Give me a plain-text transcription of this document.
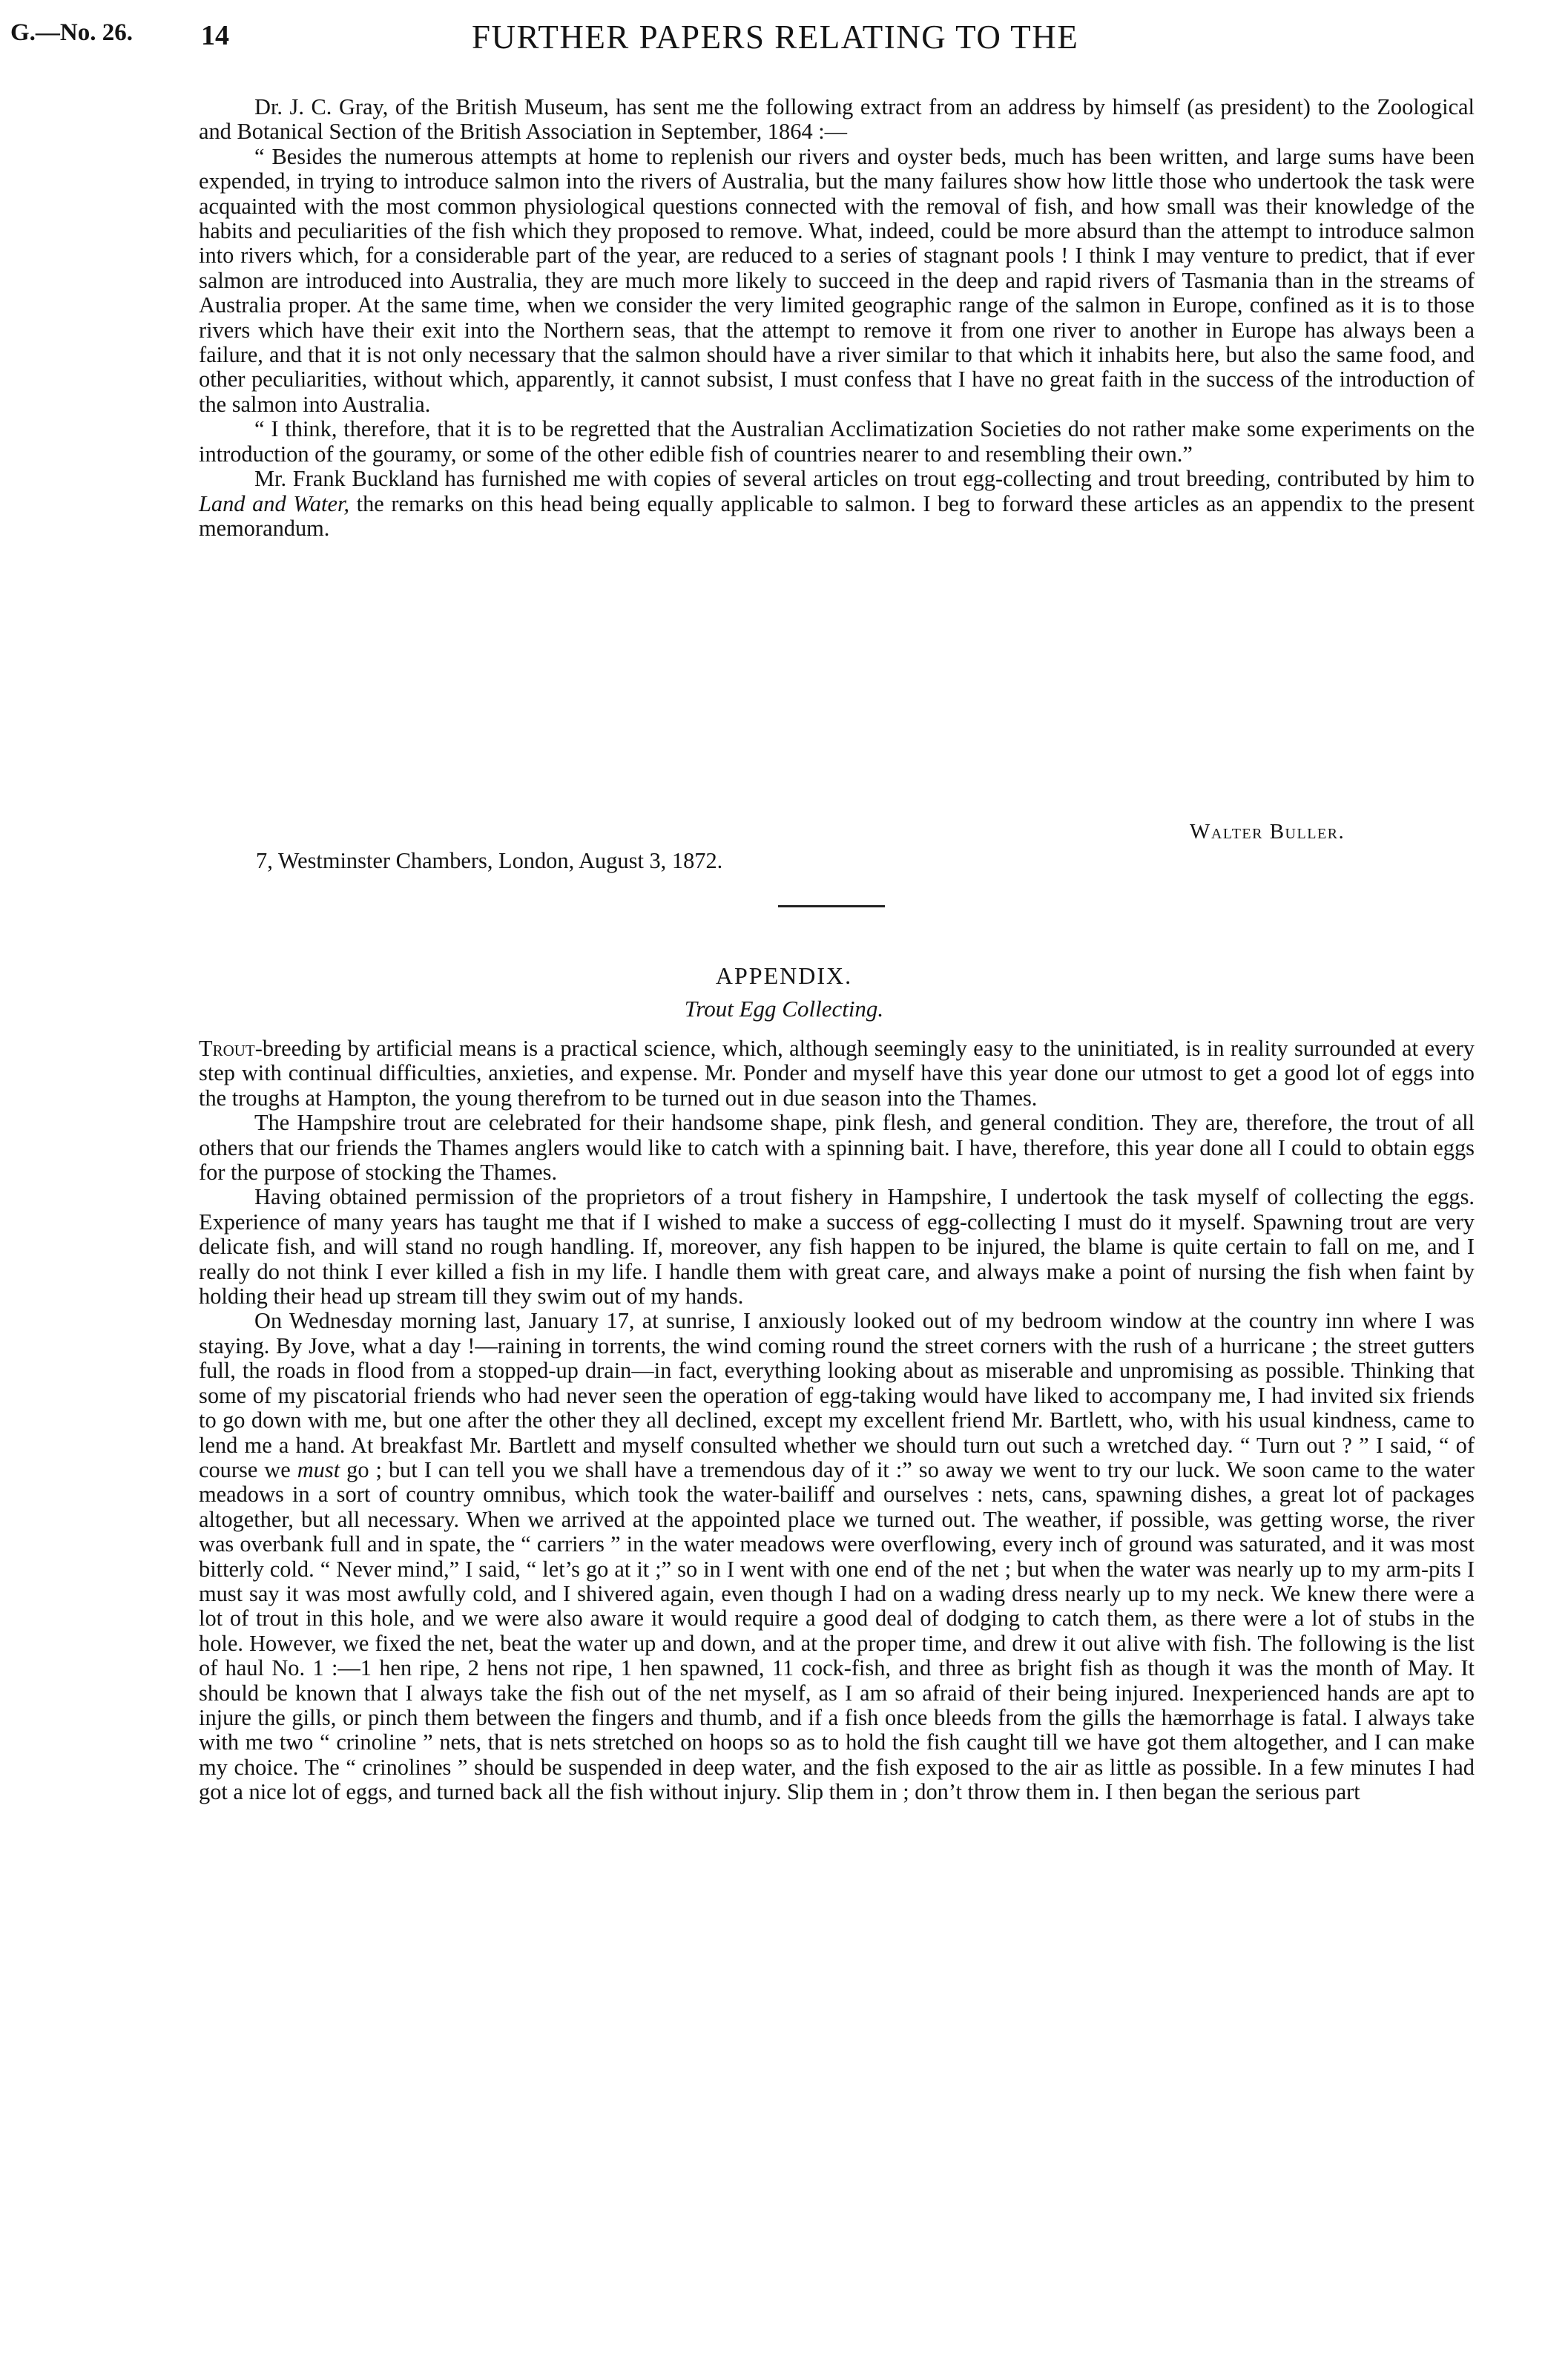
G.—No. 26. 14	FURTHER PAPERS RELATING TO THE

Dr. J. C. Gray, of the British Museum, has sent me the following extract from an address by himself (as president) to the Zoological and Botanical Section of the British Association in September, 1864 :—

“ Besides the numerous attempts at home to replenish our rivers and oyster beds, much has been written, and large sums have been expended, in trying to introduce salmon into the rivers of Australia, but the many failures show how little those who undertook the task were acquainted with the most common physiological questions connected with the removal of fish, and how small was their knowledge of the habits and peculiarities of the fish which they proposed to remove. What, indeed, could be more absurd than the attempt to introduce salmon into rivers which, for a considerable part of the year, are reduced to a series of stagnant pools ! I think I may venture to predict, that if ever salmon are introduced into Australia, they are much more likely to succeed in the deep and rapid rivers of Tasmania than in the streams of Australia proper. At the same time, when we consider the very limited geographic range of the salmon in Europe, confined as it is to those rivers which have their exit into the Northern seas, that the attempt to remove it from one river to another in Europe has always been a failure, and that it is not only necessary that the salmon should have a river similar to that which it inhabits here, but also the same food, and other peculiarities, without which, apparently, it cannot subsist, I must confess that I have no great faith in the success of the introduction of the salmon into Australia.

“ I think, therefore, that it is to be regretted that the Australian Acclimatization Societies do not rather make some experiments on the introduction of the gouramy, or some of the other edible fish of countries nearer to and resembling their own.”

Mr. Frank Buckland has furnished me with copies of several articles on trout egg-collecting and trout breeding, contributed by him to Land and Water, the remarks on this head being equally applicable to salmon. I beg to forward these articles as an appendix to the present memorandum.

Walter Buller.
7, Westminster Chambers, London, August 3, 1872.
APPENDIX.
Trout Egg Collecting.

Trout-breeding by artificial means is a practical science, which, although seemingly easy to the uninitiated, is in reality surrounded at every step with continual difficulties, anxieties, and expense. Mr. Ponder and myself have this year done our utmost to get a good lot of eggs into the troughs at Hampton, the young therefrom to be turned out in due season into the Thames.

The Hampshire trout are celebrated for their handsome shape, pink flesh, and general condition. They are, therefore, the trout of all others that our friends the Thames anglers would like to catch with a spinning bait. I have, therefore, this year done all I could to obtain eggs for the purpose of stocking the Thames.

Having obtained permission of the proprietors of a trout fishery in Hampshire, I undertook the task myself of collecting the eggs. Experience of many years has taught me that if I wished to make a success of egg-collecting I must do it myself. Spawning trout are very delicate fish, and will stand no rough handling. If, moreover, any fish happen to be injured, the blame is quite certain to fall on me, and I really do not think I ever killed a fish in my life. I handle them with great care, and always make a point of nursing the fish when faint by holding their head up stream till they swim out of my hands.

On Wednesday morning last, January 17, at sunrise, I anxiously looked out of my bedroom window at the country inn where I was staying. By Jove, what a day !—raining in torrents, the wind coming round the street corners with the rush of a hurricane ; the street gutters full, the roads in flood from a stopped-up drain—in fact, everything looking about as miserable and unpromising as possible. Thinking that some of my piscatorial friends who had never seen the operation of egg-taking would have liked to accompany me, I had invited six friends to go down with me, but one after the other they all declined, except my excellent friend Mr. Bartlett, who, with his usual kindness, came to lend me a hand. At breakfast Mr. Bartlett and myself consulted whether we should turn out such a wretched day. “ Turn out ? ” I said, “ of course we must go ; but I can tell you we shall have a tremendous day of it :” so away we went to try our luck. We soon came to the water meadows in a sort of country omnibus, which took the water-bailiff and ourselves : nets, cans, spawning dishes, a great lot of packages altogether, but all necessary. When we arrived at the appointed place we turned out. The weather, if possible, was getting worse, the river was overbank full and in spate, the “ carriers ” in the water meadows were overflowing, every inch of ground was saturated, and it was most bitterly cold. “ Never mind,” I said, “ let’s go at it ;” so in I went with one end of the net ; but when the water was nearly up to my arm-pits I must say it was most awfully cold, and I shivered again, even though I had on a wading dress nearly up to my neck. We knew there were a lot of trout in this hole, and we were also aware it would require a good deal of dodging to catch them, as there were a lot of stubs in the hole. However, we fixed the net, beat the water up and down, and at the proper time, and drew it out alive with fish. The following is the list of haul No. 1 :—1 hen ripe, 2 hens not ripe, 1 hen spawned, 11 cock-fish, and three as bright fish as though it was the month of May. It should be known that I always take the fish out of the net myself, as I am so afraid of their being injured. Inexperienced hands are apt to injure the gills, or pinch them between the fingers and thumb, and if a fish once bleeds from the gills the hæmorrhage is fatal. I always take with me two “ crinoline ” nets, that is nets stretched on hoops so as to hold the fish caught till we have got them altogether, and I can make my choice. The “ crinolines ” should be suspended in deep water, and the fish exposed to the air as little as possible. In a few minutes I had got a nice lot of eggs, and turned back all the fish without injury. Slip them in ; don’t throw them in. I then began the serious part
